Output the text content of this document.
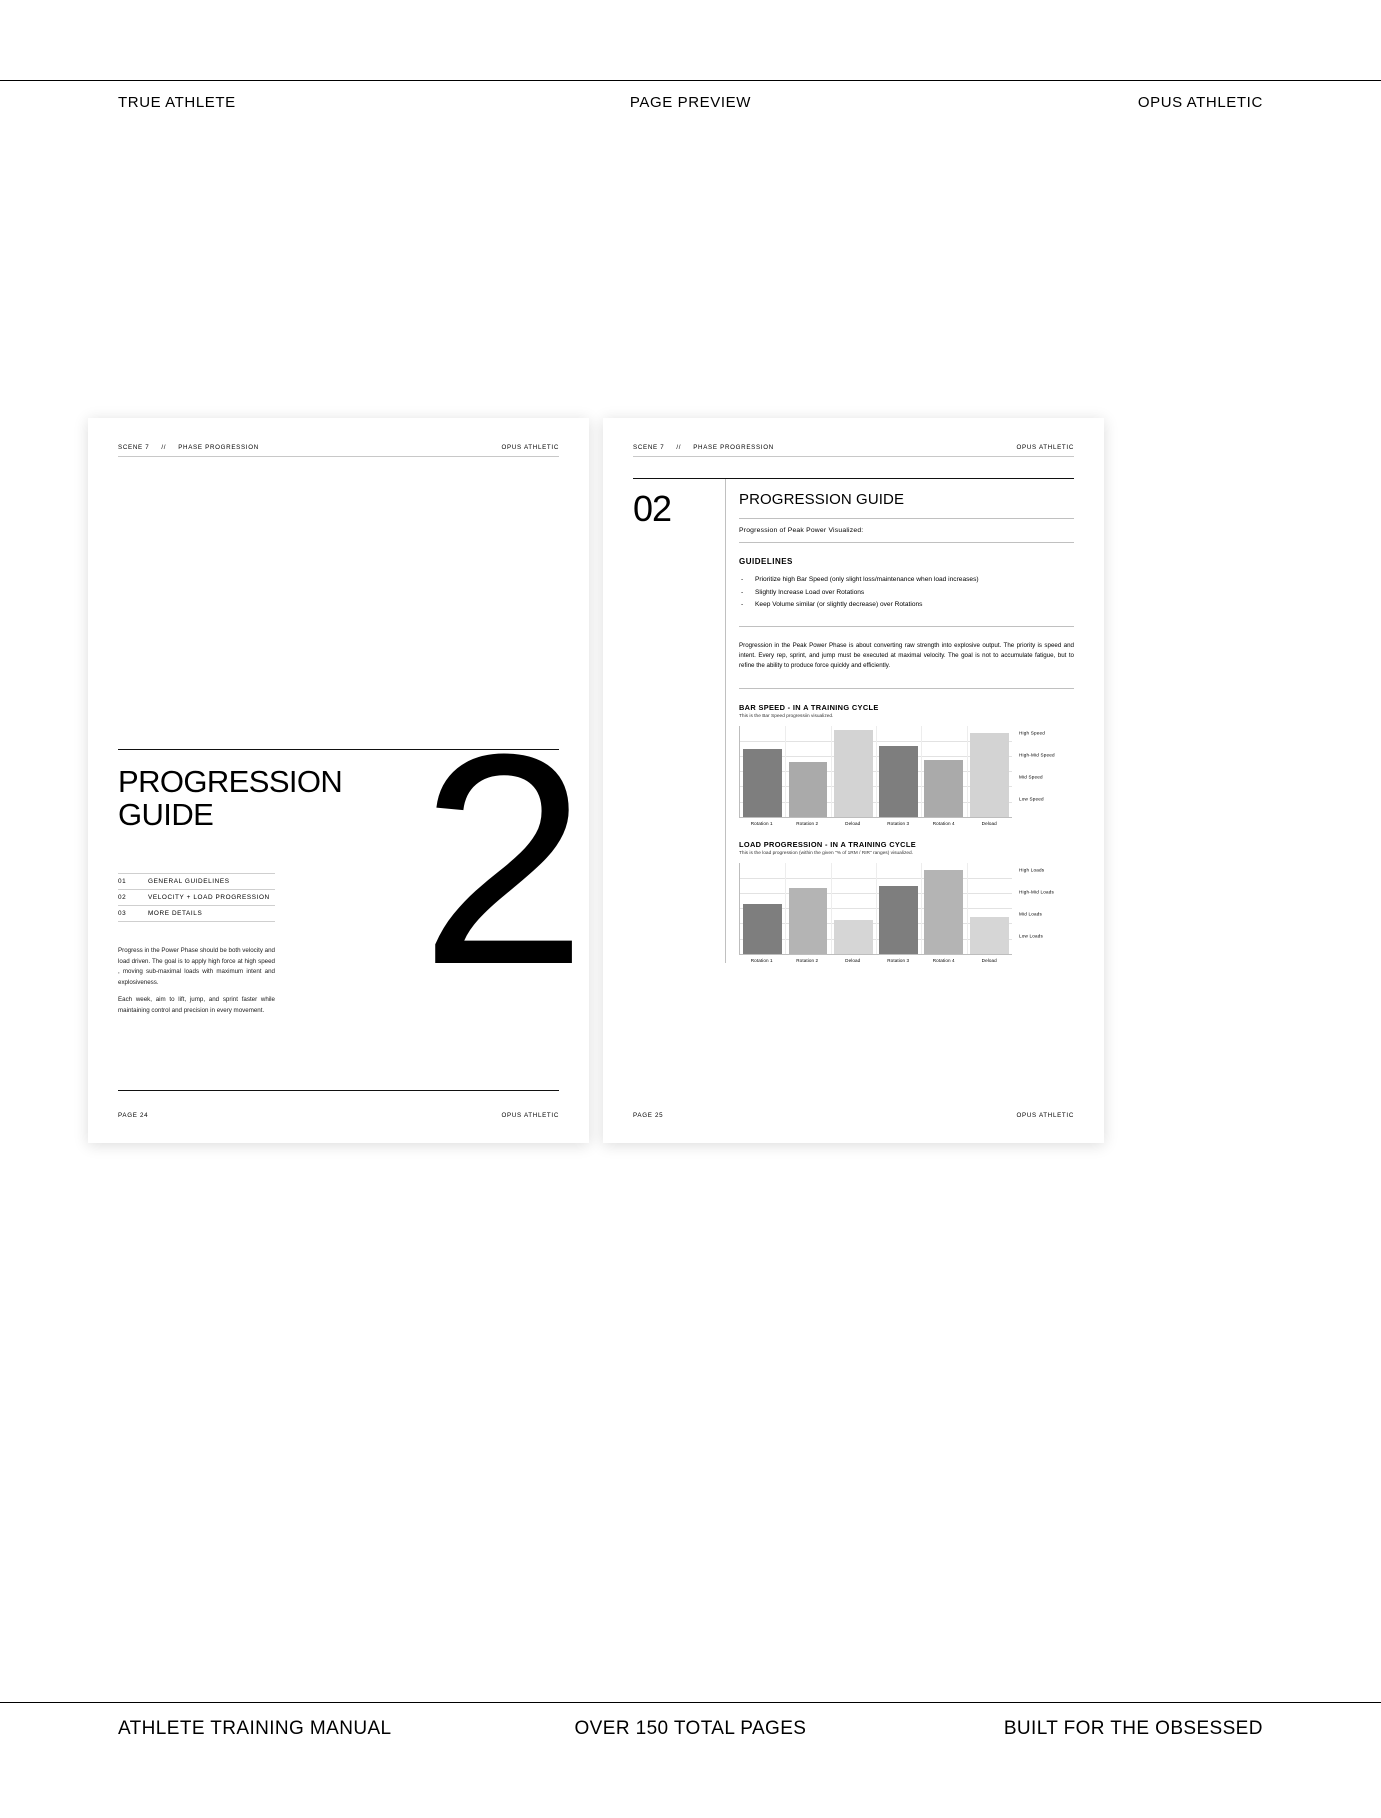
TRUE ATHLETE	PAGE PREVIEW	OPUS ATHLETIC
ATHLETE TRAINING MANUAL	OVER 150 TOTAL PAGES	BUILT FOR THE OBSESSED
SCENE 7 // PHASE PROGRESSION	OPUS ATHLETIC
PROGRESSION
GUIDE
01	GENERAL GUIDELINES
02	VELOCITY + LOAD PROGRESSION
03	MORE DETAILS
Progress in the Power Phase should be both velocity and load driven. The goal is to apply high force at high speed , moving sub-maximal loads with maximum intent and explosiveness.
Each week, aim to lift, jump, and sprint faster while maintaining control and precision in every movement. 2
PAGE 24	OPUS ATHLETIC
SCENE 7 // PHASE PROGRESSION	OPUS ATHLETIC
02	PROGRESSION GUIDE
Progression of Peak Power Visualized:
GUIDELINES
- Prioritize high Bar Speed (only slight loss/maintenance when load increases)
- Slightly Increase Load over Rotations
- Keep Volume similar (or slightly decrease) over Rotations
Progression in the Peak Power Phase is about converting raw strength into explosive output. The priority is speed and intent. Every rep, sprint, and jump must be executed at maximal velocity. The goal is not to accumulate fatigue, but to refine the ability to produce force quickly and efficiently.
BAR SPEED - IN A TRAINING CYCLE
This is the Bar Speed progressiin visualized.
High Speed
High-Mid Speed
Mid Speed
Low Speed
Rotation 1	Rotation 2	Deload	Rotation 3	Rotation 4	Deload
LOAD PROGRESSION - IN A TRAINING CYCLE
This is the load progression (within the given "% of 1RM / RIR" ranges) visualized.
High Loads
High-Mid Loads
Mid Loads
Low Loads
Rotation 1	Rotation 2	Deload	Rotation 3	Rotation 4	Deload
PAGE 25	OPUS ATHLETIC
